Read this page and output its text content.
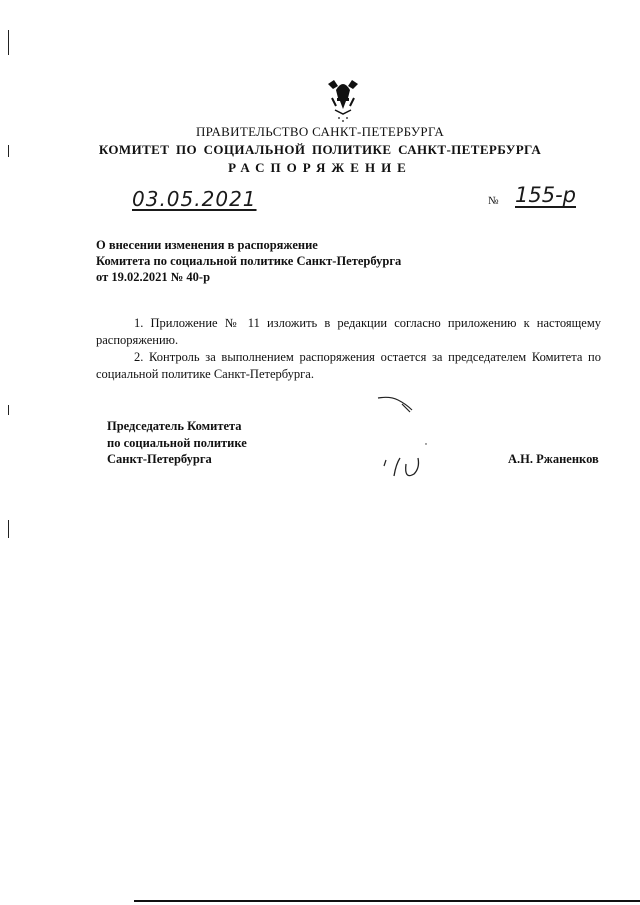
ПРАВИТЕЛЬСТВО САНКТ-ПЕТЕРБУРГА
КОМИТЕТ ПО СОЦИАЛЬНОЙ ПОЛИТИКЕ САНКТ-ПЕТЕРБУРГА
РАСПОРЯЖЕНИЕ
03.05.2021	№ 155-р
О внесении изменения в распоряжение
Комитета по социальной политике Санкт-Петербурга
от 19.02.2021 № 40-р

1. Приложение № 11 изложить в редакции согласно приложению к настоящему распоряжению.

2. Контроль за выполнением распоряжения остается за председателем Комитета по социальной политике Санкт-Петербурга.

Председатель Комитета
по социальной политике
Санкт-Петербурга	А.Н. Ржаненков
